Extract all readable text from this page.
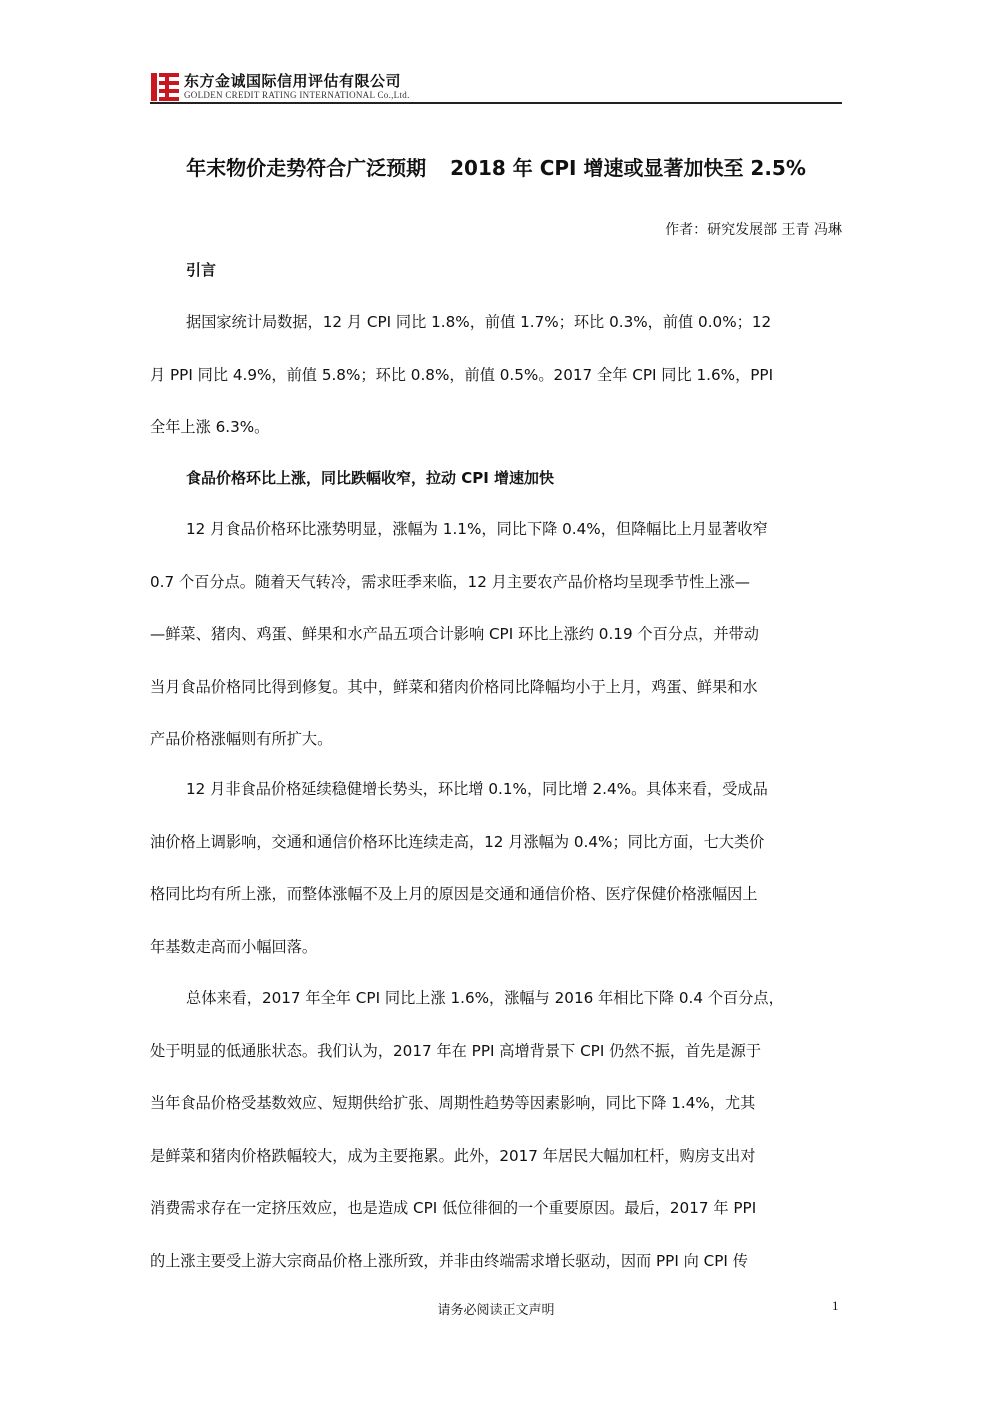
东方金诚国际信用评估有限公司
GOLDEN CREDIT RATING INTERNATIONAL Co.,Ltd.
年末物价走势符合广泛预期 2018 年 CPI 增速或显著加快至 2.5%
作者：研究发展部 王青 冯琳
引言
据国家统计局数据，12 月 CPI 同比 1.8%，前值 1.7%；环比 0.3%，前值 0.0%；12
月 PPI 同比 4.9%，前值 5.8%；环比 0.8%，前值 0.5%。2017 全年 CPI 同比 1.6%，PPI
全年上涨 6.3%。
食品价格环比上涨，同比跌幅收窄，拉动 CPI 增速加快
12 月食品价格环比涨势明显，涨幅为 1.1%，同比下降 0.4%，但降幅比上月显著收窄
0.7 个百分点。随着天气转冷，需求旺季来临，12 月主要农产品价格均呈现季节性上涨—
—鲜菜、猪肉、鸡蛋、鲜果和水产品五项合计影响 CPI 环比上涨约 0.19 个百分点，并带动
当月食品价格同比得到修复。其中，鲜菜和猪肉价格同比降幅均小于上月，鸡蛋、鲜果和水
产品价格涨幅则有所扩大。
12 月非食品价格延续稳健增长势头，环比增 0.1%，同比增 2.4%。具体来看，受成品
油价格上调影响，交通和通信价格环比连续走高，12 月涨幅为 0.4%；同比方面，七大类价
格同比均有所上涨，而整体涨幅不及上月的原因是交通和通信价格、医疗保健价格涨幅因上
年基数走高而小幅回落。
总体来看，2017 年全年 CPI 同比上涨 1.6%，涨幅与 2016 年相比下降 0.4 个百分点，
处于明显的低通胀状态。我们认为，2017 年在 PPI 高增背景下 CPI 仍然不振，首先是源于
当年食品价格受基数效应、短期供给扩张、周期性趋势等因素影响，同比下降 1.4%，尤其
是鲜菜和猪肉价格跌幅较大，成为主要拖累。此外，2017 年居民大幅加杠杆，购房支出对
消费需求存在一定挤压效应，也是造成 CPI 低位徘徊的一个重要原因。最后，2017 年 PPI
的上涨主要受上游大宗商品价格上涨所致，并非由终端需求增长驱动，因而 PPI 向 CPI 传
请务必阅读正文声明	1
